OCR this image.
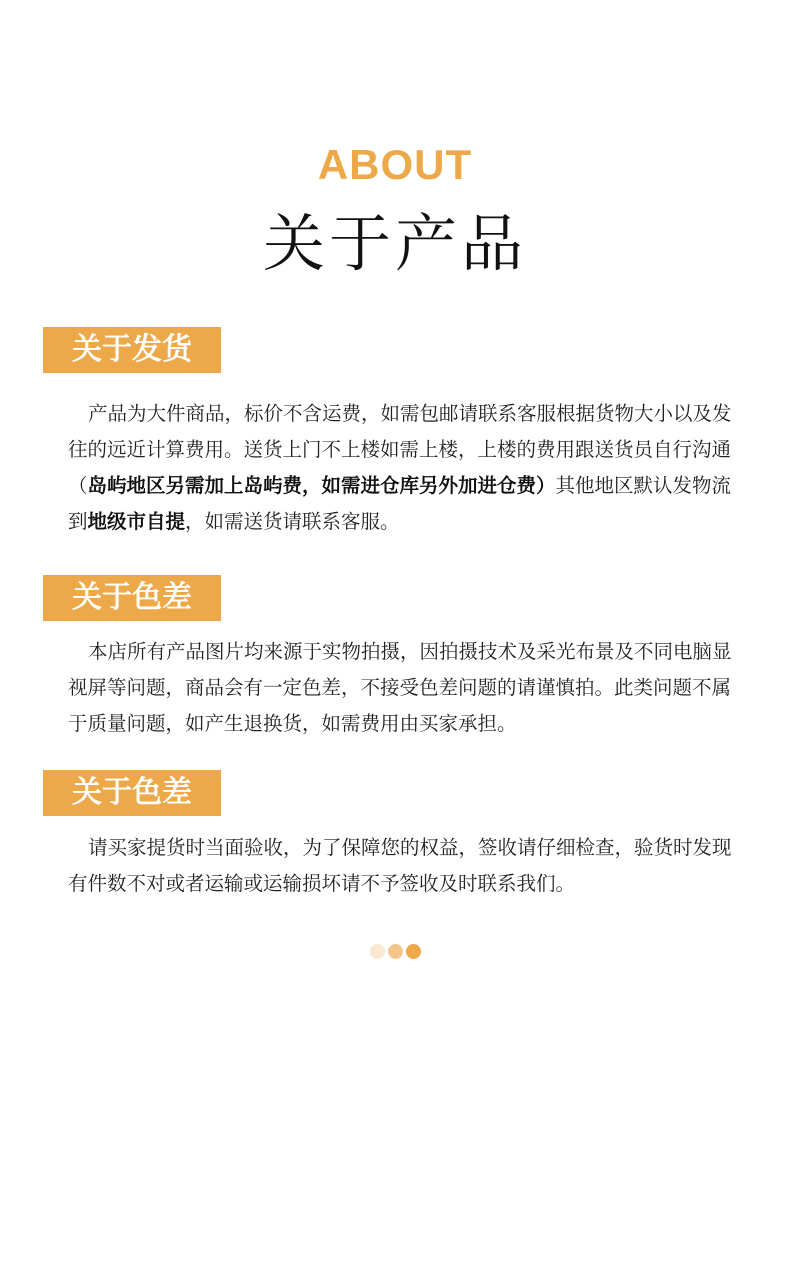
ABOUT
关于产品
关于发货

产品为大件商品，标价不含运费，如需包邮请联系客服根据货物大小以及发往的远近计算费用。送货上门不上楼如需上楼，上楼的费用跟送货员自行沟通（岛屿地区另需加上岛屿费，如需进仓库另外加进仓费）其他地区默认发物流到地级市自提，如需送货请联系客服。

关于色差

本店所有产品图片均来源于实物拍摄，因拍摄技术及采光布景及不同电脑显视屏等问题，商品会有一定色差，不接受色差问题的请谨慎拍。此类问题不属于质量问题，如产生退换货，如需费用由买家承担。

关于色差

请买家提货时当面验收，为了保障您的权益，签收请仔细检查，验货时发现有件数不对或者运输或运输损坏请不予签收及时联系我们。
